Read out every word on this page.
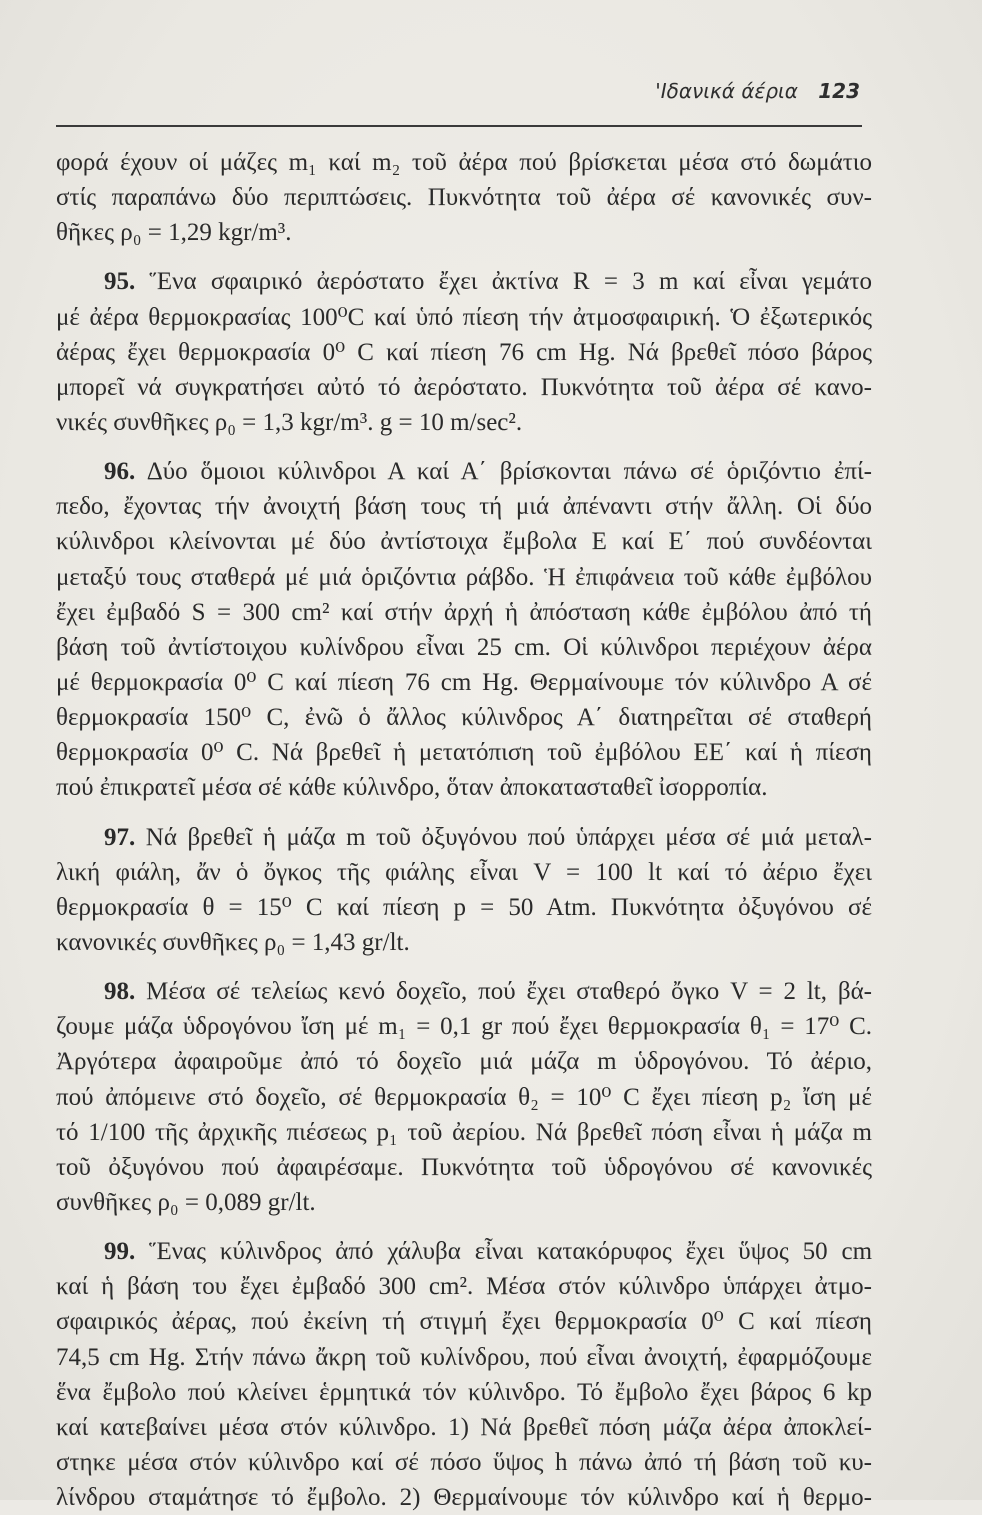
'Ιδανικά άέρια 123
φορά έχουν οί μάζες m₁ καί m₂ τοῦ ἀέρα πού βρίσκεται μέσα στό δωμάτιο
στίς παραπάνω δύο περιπτώσεις. Πυκνότητα τοῦ ἀέρα σέ κανονικές συν-
θῆκες ρ₀ = 1,29 kgr/m³.
95. Ἕνα σφαιρικό ἀερόστατο ἔχει ἀκτίνα R = 3 m καί εἶναι γεμάτο
μέ ἀέρα θερμοκρασίας 100⁰C καί ὑπό πίεση τήν ἀτμοσφαιρική. Ὁ ἐξωτερικός
ἀέρας ἔχει θερμοκρασία 0⁰ C καί πίεση 76 cm Hg. Νά βρεθεῖ πόσο βάρος
μπορεῖ νά συγκρατήσει αὐτό τό ἀερόστατο. Πυκνότητα τοῦ ἀέρα σέ κανο-
νικές συνθῆκες ρ₀ = 1,3 kgr/m³. g = 10 m/sec².
96. Δύο ὅμοιοι κύλινδροι Α καί Α΄ βρίσκονται πάνω σέ ὁριζόντιο ἐπί-
πεδο, ἔχοντας τήν ἀνοιχτή βάση τους τή μιά ἀπέναντι στήν ἄλλη. Οἱ δύο
κύλινδροι κλείνονται μέ δύο ἀντίστοιχα ἔμβολα Ε καί Ε΄ πού συνδέονται
μεταξύ τους σταθερά μέ μιά ὁριζόντια ράβδο. Ἡ ἐπιφάνεια τοῦ κάθε ἐμβόλου
ἔχει ἐμβαδό S = 300 cm² καί στήν ἀρχή ἡ ἀπόσταση κάθε ἐμβόλου ἀπό τή
βάση τοῦ ἀντίστοιχου κυλίνδρου εἶναι 25 cm. Οἱ κύλινδροι περιέχουν ἀέρα
μέ θερμοκρασία 0⁰ C καί πίεση 76 cm Hg. Θερμαίνουμε τόν κύλινδρο Α σέ
θερμοκρασία 150⁰ C, ἐνῶ ὁ ἄλλος κύλινδρος Α΄ διατηρεῖται σέ σταθερή
θερμοκρασία 0⁰ C. Νά βρεθεῖ ἡ μετατόπιση τοῦ ἐμβόλου ΕΕ΄ καί ἡ πίεση
πού ἐπικρατεῖ μέσα σέ κάθε κύλινδρο, ὅταν ἀποκατασταθεῖ ἰσορροπία.
97. Νά βρεθεῖ ἡ μάζα m τοῦ ὀξυγόνου πού ὑπάρχει μέσα σέ μιά μεταλ-
λική φιάλη, ἄν ὁ ὄγκος τῆς φιάλης εἶναι V = 100 lt καί τό ἀέριο ἔχει
θερμοκρασία θ = 15⁰ C καί πίεση p = 50 Atm. Πυκνότητα ὀξυγόνου σέ
κανονικές συνθῆκες ρ₀ = 1,43 gr/lt.
98. Μέσα σέ τελείως κενό δοχεῖο, πού ἔχει σταθερό ὄγκο V = 2 lt, βά-
ζουμε μάζα ὑδρογόνου ἴση μέ m₁ = 0,1 gr πού ἔχει θερμοκρασία θ₁ = 17⁰ C.
Ἀργότερα ἀφαιροῦμε ἀπό τό δοχεῖο μιά μάζα m ὑδρογόνου. Τό ἀέριο,
πού ἀπόμεινε στό δοχεῖο, σέ θερμοκρασία θ₂ = 10⁰ C ἔχει πίεση p₂ ἴση μέ
τό 1/100 τῆς ἀρχικῆς πιέσεως p₁ τοῦ ἀερίου. Νά βρεθεῖ πόση εἶναι ἡ μάζα m
τοῦ ὀξυγόνου πού ἀφαιρέσαμε. Πυκνότητα τοῦ ὑδρογόνου σέ κανονικές
συνθῆκες ρ₀ = 0,089 gr/lt.
99. Ἕνας κύλινδρος ἀπό χάλυβα εἶναι κατακόρυφος ἔχει ὕψος 50 cm
καί ἡ βάση του ἔχει ἐμβαδό 300 cm². Μέσα στόν κύλινδρο ὑπάρχει ἀτμο-
σφαιρικός ἀέρας, πού ἐκείνη τή στιγμή ἔχει θερμοκρασία 0⁰ C καί πίεση
74,5 cm Hg. Στήν πάνω ἄκρη τοῦ κυλίνδρου, πού εἶναι ἀνοιχτή, ἐφαρμόζουμε
ἕνα ἔμβολο πού κλείνει ἑρμητικά τόν κύλινδρο. Τό ἔμβολο ἔχει βάρος 6 kp
καί κατεβαίνει μέσα στόν κύλινδρο. 1) Νά βρεθεῖ πόση μάζα ἀέρα ἀποκλεί-
στηκε μέσα στόν κύλινδρο καί σέ πόσο ὕψος h πάνω ἀπό τή βάση τοῦ κυ-
λίνδρου σταμάτησε τό ἔμβολο. 2) Θερμαίνουμε τόν κύλινδρο καί ἡ θερμο-
